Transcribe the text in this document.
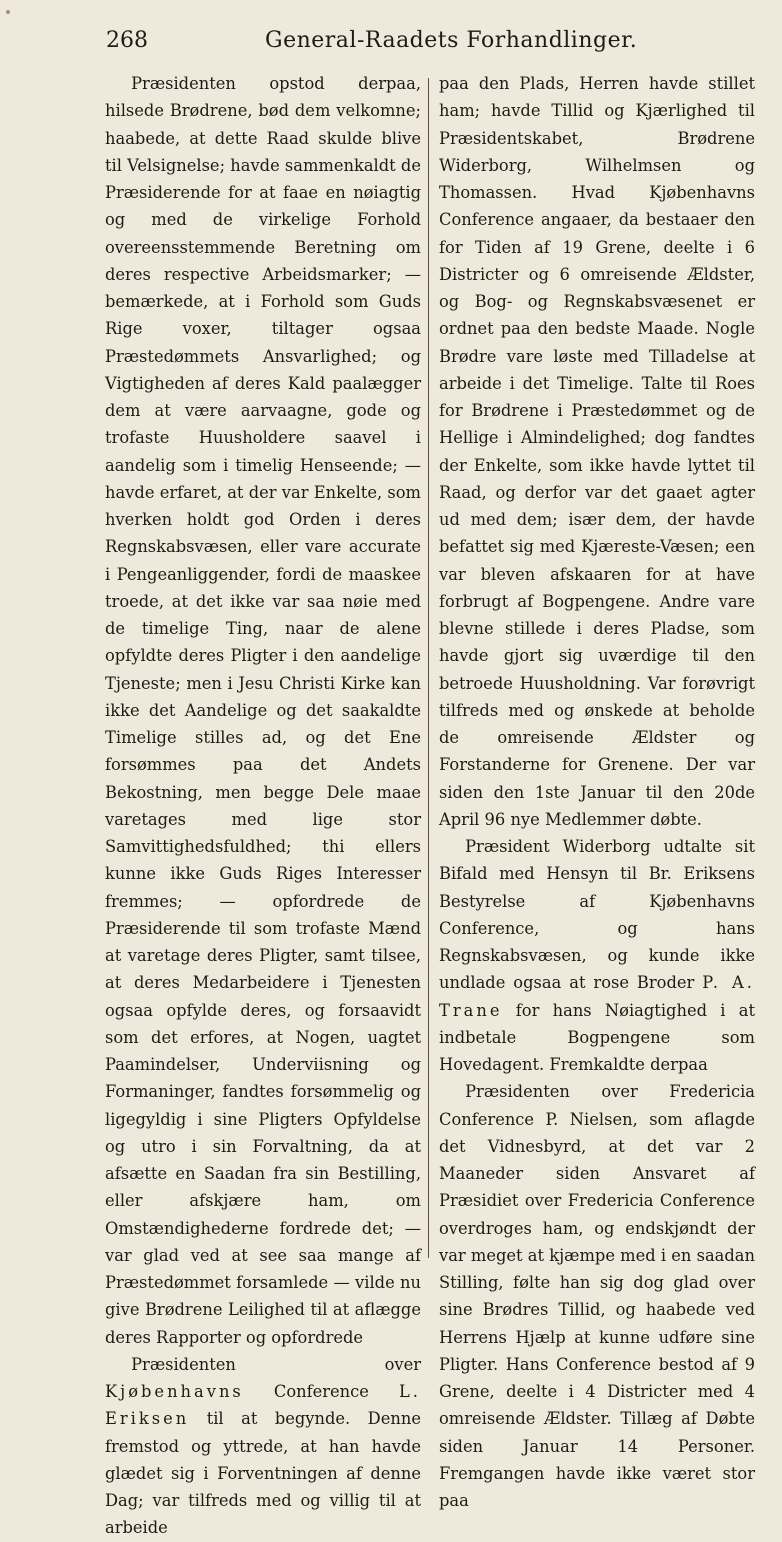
268	General-Raadets Forhandlinger.

Præsidenten opstod derpaa, hilsede Brødrene, bød dem velkomne; haabede, at dette Raad skulde blive til Velsignelse; havde sammenkaldt de Præsiderende for at faae en nøiagtig og med de virkelige Forhold overeensstemmende Beretning om deres respective Arbeidsmarker; — bemærkede, at i Forhold som Guds Rige voxer, tiltager ogsaa Præstedømmets Ansvarlighed; og Vigtigheden af deres Kald paalægger dem at være aarvaagne, gode og trofaste Huusholdere saavel i aandelig som i timelig Henseende; — havde erfaret, at der var Enkelte, som hverken holdt god Orden i deres Regnskabsvæsen, eller vare accurate i Pengeanliggender, fordi de maaskee troede, at det ikke var saa nøie med de timelige Ting, naar de alene opfyldte deres Pligter i den aandelige Tjeneste; men i Jesu Christi Kirke kan ikke det Aandelige og det saakaldte Timelige stilles ad, og det Ene forsømmes paa det Andets Bekostning, men begge Dele maae varetages med lige stor Samvittighedsfuldhed; thi ellers kunne ikke Guds Riges Interesser fremmes; — opfordrede de Præsiderende til som trofaste Mænd at varetage deres Pligter, samt tilsee, at deres Medarbeidere i Tjenesten ogsaa opfylde deres, og forsaavidt som det erfores, at Nogen, uagtet Paamindelser, Underviisning og Formaninger, fandtes forsømmelig og ligegyldig i sine Pligters Opfyldelse og utro i sin Forvaltning, da at afsætte en Saadan fra sin Bestilling, eller afskjære ham, om Omstændighederne fordrede det; — var glad ved at see saa mange af Præstedømmet forsamlede — vilde nu give Brødrene Leilighed til at aflægge deres Rapporter og opfordrede

Præsidenten over Kjøbenhavns Conference L. Eriksen til at begynde. Denne fremstod og yttrede, at han havde glædet sig i Forventningen af denne Dag; var tilfreds med og villig til at arbeide

paa den Plads, Herren havde stillet ham; havde Tillid og Kjærlighed til Præsidentskabet, Brødrene Widerborg, Wilhelmsen og Thomassen. Hvad Kjøbenhavns Conference angaaer, da bestaaer den for Tiden af 19 Grene, deelte i 6 Districter og 6 omreisende Ældster, og Bog- og Regnskabsvæsenet er ordnet paa den bedste Maade. Nogle Brødre vare løste med Tilladelse at arbeide i det Timelige. Talte til Roes for Brødrene i Præstedømmet og de Hellige i Almindelighed; dog fandtes der Enkelte, som ikke havde lyttet til Raad, og derfor var det gaaet agter ud med dem; især dem, der havde befattet sig med Kjæreste-Væsen; een var bleven afskaaren for at have forbrugt af Bogpengene. Andre vare blevne stillede i deres Pladse, som havde gjort sig uværdige til den betroede Huusholdning. Var forøvrigt tilfreds med og ønskede at beholde de omreisende Ældster og Forstanderne for Grenene. Der var siden den 1ste Januar til den 20de April 96 nye Medlemmer døbte.

Præsident Widerborg udtalte sit Bifald med Hensyn til Br. Eriksens Bestyrelse af Kjøbenhavns Conference, og hans Regnskabsvæsen, og kunde ikke undlade ogsaa at rose Broder P. A. Trane for hans Nøiagtighed i at indbetale Bogpengene som Hovedagent. Fremkaldte derpaa

Præsidenten over Fredericia Conference P. Nielsen, som aflagde det Vidnesbyrd, at det var 2 Maaneder siden Ansvaret af Præsidiet over Fredericia Conference overdroges ham, og endskjøndt der var meget at kjæmpe med i en saadan Stilling, følte han sig dog glad over sine Brødres Tillid, og haabede ved Herrens Hjælp at kunne udføre sine Pligter. Hans Conference bestod af 9 Grene, deelte i 4 Districter med 4 omreisende Ældster. Tillæg af Døbte siden Januar 14 Personer. Fremgangen havde ikke været stor paa
